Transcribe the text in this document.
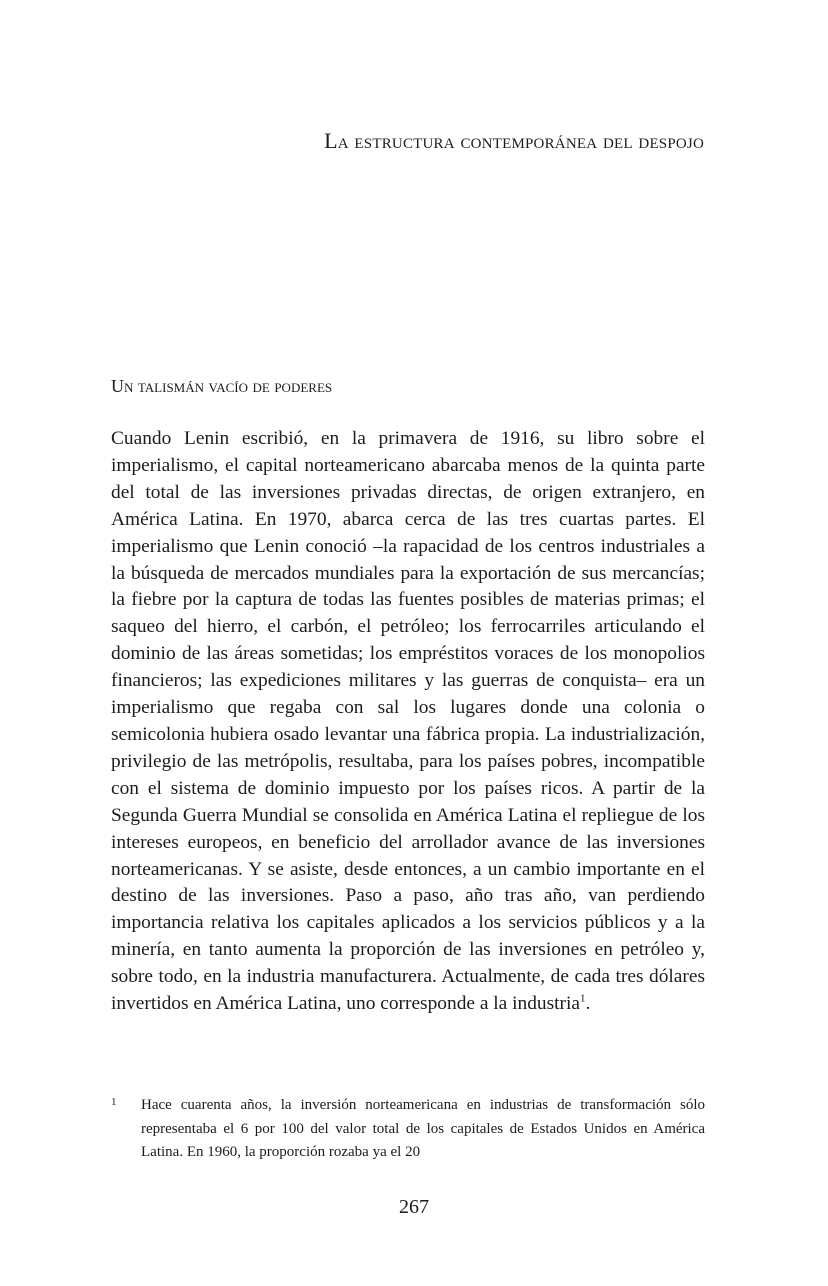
La estructura contemporánea del despojo
Un talismán vacío de poderes

Cuando Lenin escribió, en la primavera de 1916, su libro sobre el imperialismo, el capital norteamericano abarcaba menos de la quinta parte del total de las inversiones privadas directas, de origen extranjero, en América Latina. En 1970, abarca cerca de las tres cuartas partes. El imperialismo que Lenin conoció –la rapacidad de los centros industriales a la búsqueda de mercados mundiales para la exportación de sus mercancías; la fiebre por la captura de todas las fuentes posibles de materias primas; el saqueo del hierro, el carbón, el petróleo; los ferrocarriles articulando el dominio de las áreas sometidas; los empréstitos voraces de los monopolios financieros; las expediciones militares y las guerras de conquista– era un imperialismo que regaba con sal los lugares donde una colonia o semicolonia hubiera osado levantar una fábrica propia. La industrialización, privilegio de las metrópolis, resultaba, para los países pobres, incompatible con el sistema de dominio impuesto por los países ricos. A partir de la Segunda Guerra Mundial se consolida en América Latina el repliegue de los intereses europeos, en beneficio del arrollador avance de las inversiones norteamericanas. Y se asiste, desde entonces, a un cambio importante en el destino de las inversiones. Paso a paso, año tras año, van perdiendo importancia relativa los capitales aplicados a los servicios públicos y a la minería, en tanto aumenta la proporción de las inversiones en petróleo y, sobre todo, en la industria manufacturera. Actualmente, de cada tres dólares invertidos en América Latina, uno corresponde a la industria$^1$.

1 Hace cuarenta años, la inversión norteamericana en industrias de transformación sólo representaba el 6 por 100 del valor total de los capitales de Estados Unidos en América Latina. En 1960, la proporción rozaba ya el 20
267
